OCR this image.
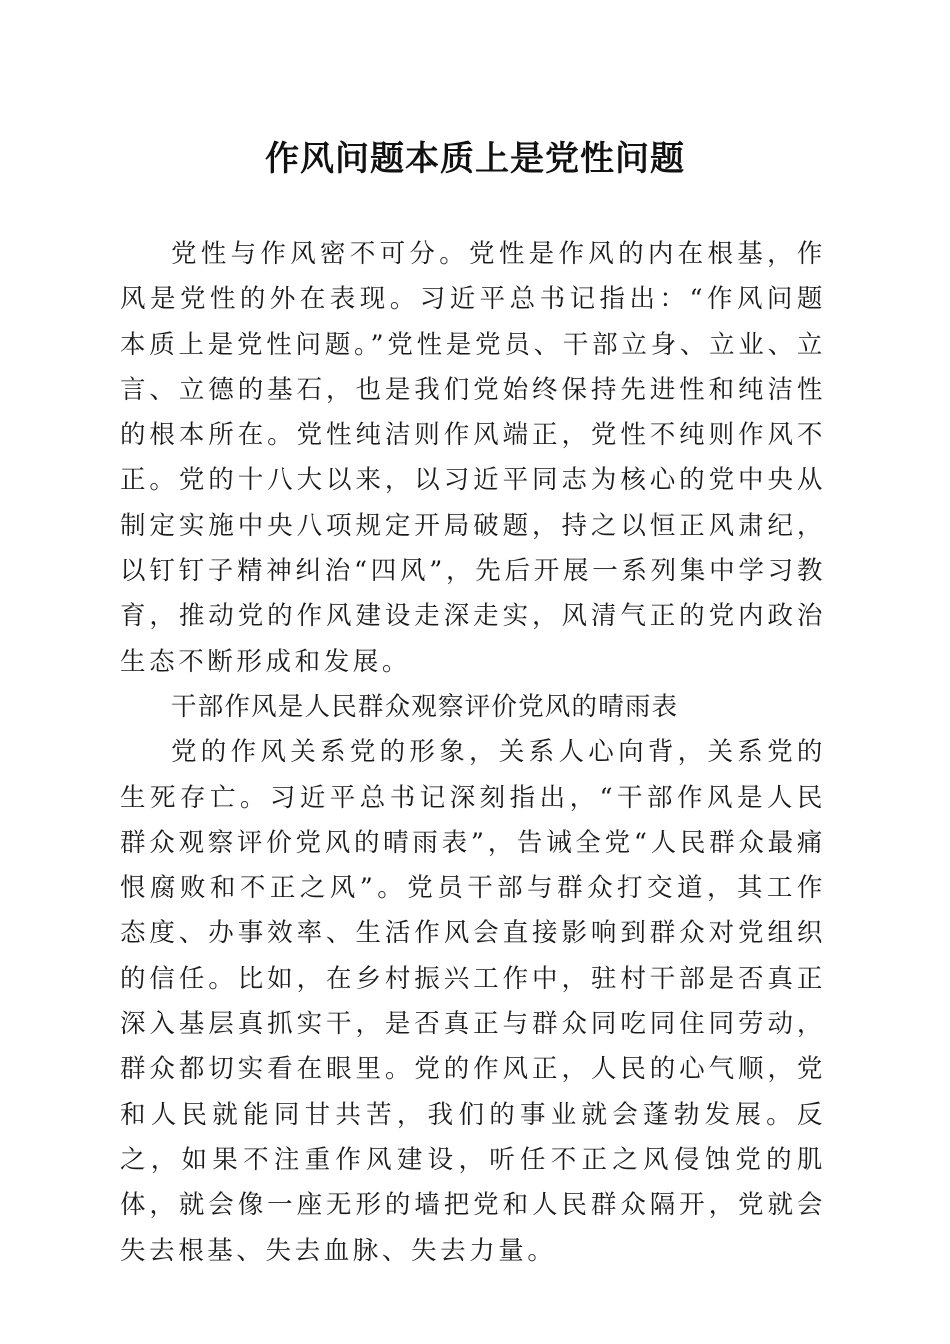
作风问题本质上是党性问题

党性与作风密不可分。党性是作风的内在根基，作风是党性的外在表现。习近平总书记指出：“作风问题本质上是党性问题。”党性是党员、干部立身、立业、立言、立德的基石，也是我们党始终保持先进性和纯洁性的根本所在。党性纯洁则作风端正，党性不纯则作风不正。党的十八大以来，以习近平同志为核心的党中央从制定实施中央八项规定开局破题，持之以恒正风肃纪，以钉钉子精神纠治“四风”，先后开展一系列集中学习教育，推动党的作风建设走深走实，风清气正的党内政治生态不断形成和发展。

干部作风是人民群众观察评价党风的晴雨表

党的作风关系党的形象，关系人心向背，关系党的生死存亡。习近平总书记深刻指出，“干部作风是人民群众观察评价党风的晴雨表”，告诫全党“人民群众最痛恨腐败和不正之风”。党员干部与群众打交道，其工作态度、办事效率、生活作风会直接影响到群众对党组织的信任。比如，在乡村振兴工作中，驻村干部是否真正深入基层真抓实干，是否真正与群众同吃同住同劳动，群众都切实看在眼里。党的作风正，人民的心气顺，党和人民就能同甘共苦，我们的事业就会蓬勃发展。反之，如果不注重作风建设，听任不正之风侵蚀党的肌体，就会像一座无形的墙把党和人民群众隔开，党就会失去根基、失去血脉、失去力量。
